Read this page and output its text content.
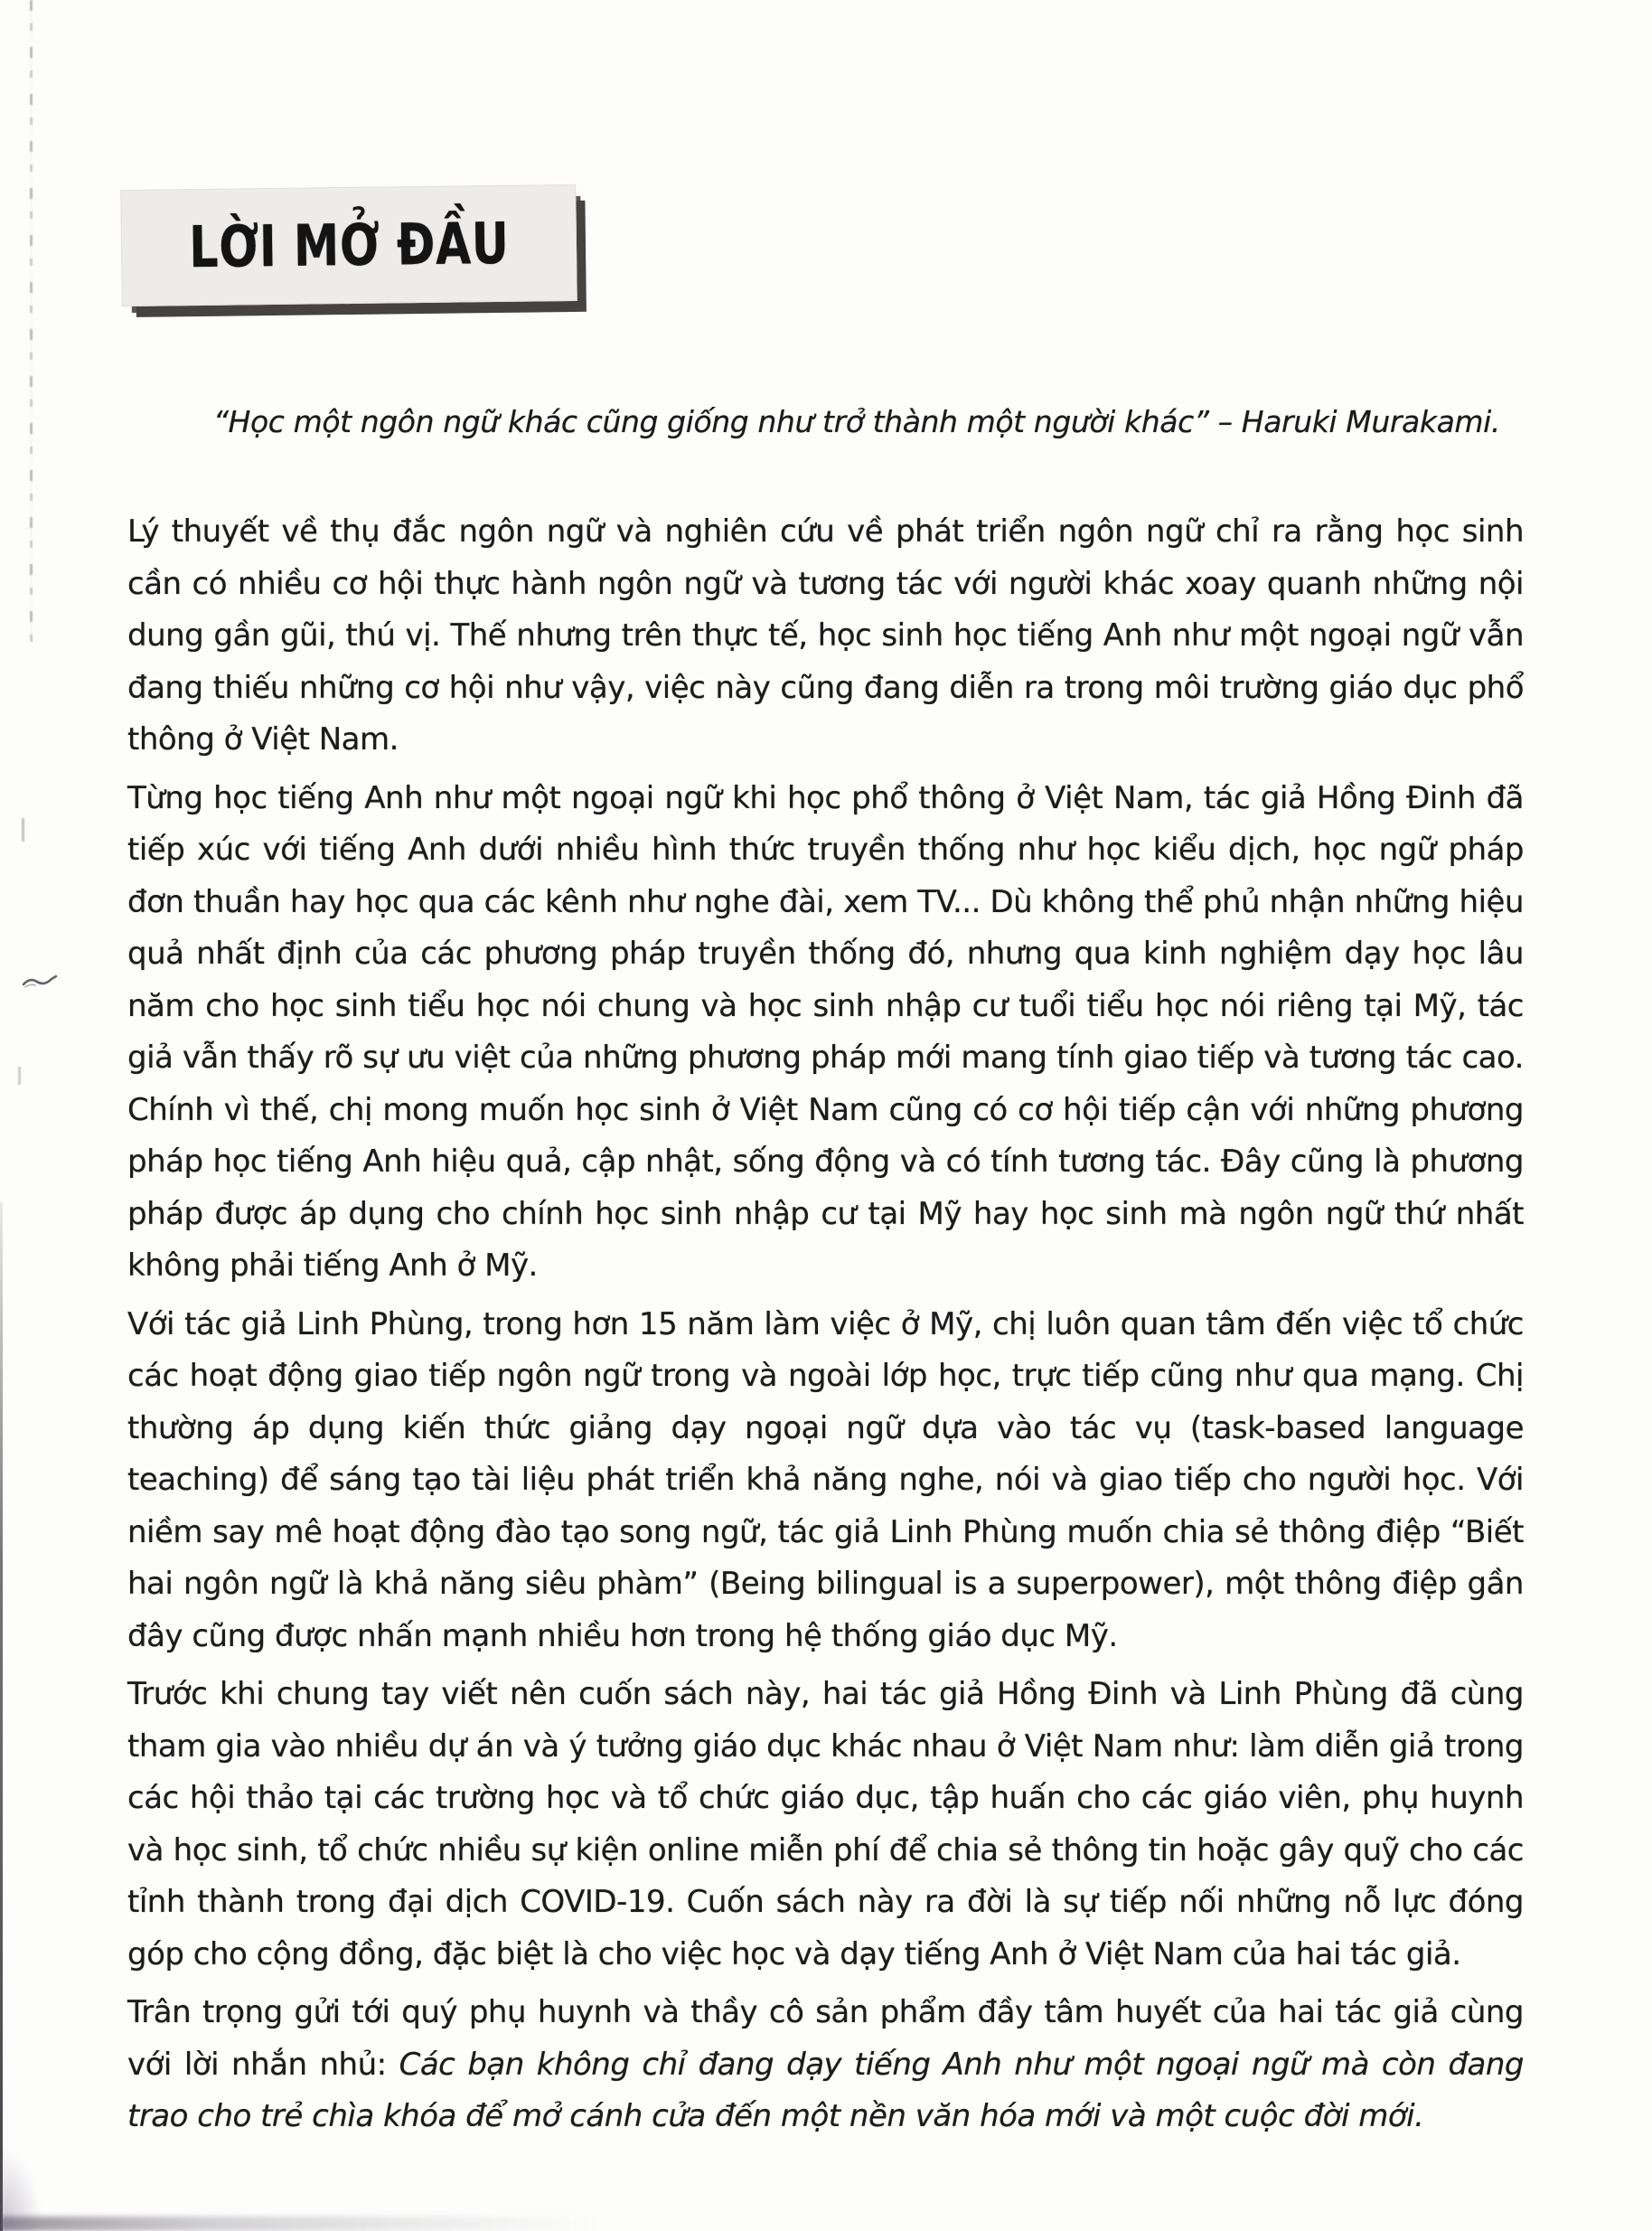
LỜI MỞ ĐẦU
“Học một ngôn ngữ khác cũng giống như trở thành một người khác” – Haruki Murakami.

Lý thuyết về thụ đắc ngôn ngữ và nghiên cứu về phát triển ngôn ngữ chỉ ra rằng học sinh cần có nhiều cơ hội thực hành ngôn ngữ và tương tác với người khác xoay quanh những nội dung gần gũi, thú vị. Thế nhưng trên thực tế, học sinh học tiếng Anh như một ngoại ngữ vẫn đang thiếu những cơ hội như vậy, việc này cũng đang diễn ra trong môi trường giáo dục phổ thông ở Việt Nam.

Từng học tiếng Anh như một ngoại ngữ khi học phổ thông ở Việt Nam, tác giả Hồng Đinh đã tiếp xúc với tiếng Anh dưới nhiều hình thức truyền thống như học kiểu dịch, học ngữ pháp đơn thuần hay học qua các kênh như nghe đài, xem TV... Dù không thể phủ nhận những hiệu quả nhất định của các phương pháp truyền thống đó, nhưng qua kinh nghiệm dạy học lâu năm cho học sinh tiểu học nói chung và học sinh nhập cư tuổi tiểu học nói riêng tại Mỹ, tác giả vẫn thấy rõ sự ưu việt của những phương pháp mới mang tính giao tiếp và tương tác cao. Chính vì thế, chị mong muốn học sinh ở Việt Nam cũng có cơ hội tiếp cận với những phương pháp học tiếng Anh hiệu quả, cập nhật, sống động và có tính tương tác. Đây cũng là phương pháp được áp dụng cho chính học sinh nhập cư tại Mỹ hay học sinh mà ngôn ngữ thứ nhất không phải tiếng Anh ở Mỹ.

Với tác giả Linh Phùng, trong hơn 15 năm làm việc ở Mỹ, chị luôn quan tâm đến việc tổ chức các hoạt động giao tiếp ngôn ngữ trong và ngoài lớp học, trực tiếp cũng như qua mạng. Chị thường áp dụng kiến thức giảng dạy ngoại ngữ dựa vào tác vụ (task-based language teaching) để sáng tạo tài liệu phát triển khả năng nghe, nói và giao tiếp cho người học. Với niềm say mê hoạt động đào tạo song ngữ, tác giả Linh Phùng muốn chia sẻ thông điệp “Biết hai ngôn ngữ là khả năng siêu phàm” (Being bilingual is a superpower), một thông điệp gần đây cũng được nhấn mạnh nhiều hơn trong hệ thống giáo dục Mỹ.

Trước khi chung tay viết nên cuốn sách này, hai tác giả Hồng Đinh và Linh Phùng đã cùng tham gia vào nhiều dự án và ý tưởng giáo dục khác nhau ở Việt Nam như: làm diễn giả trong các hội thảo tại các trường học và tổ chức giáo dục, tập huấn cho các giáo viên, phụ huynh và học sinh, tổ chức nhiều sự kiện online miễn phí để chia sẻ thông tin hoặc gây quỹ cho các tỉnh thành trong đại dịch COVID-19. Cuốn sách này ra đời là sự tiếp nối những nỗ lực đóng góp cho cộng đồng, đặc biệt là cho việc học và dạy tiếng Anh ở Việt Nam của hai tác giả.

Trân trọng gửi tới quý phụ huynh và thầy cô sản phẩm đầy tâm huyết của hai tác giả cùng với lời nhắn nhủ: Các bạn không chỉ đang dạy tiếng Anh như một ngoại ngữ mà còn đang trao cho trẻ chìa khóa để mở cánh cửa đến một nền văn hóa mới và một cuộc đời mới.
